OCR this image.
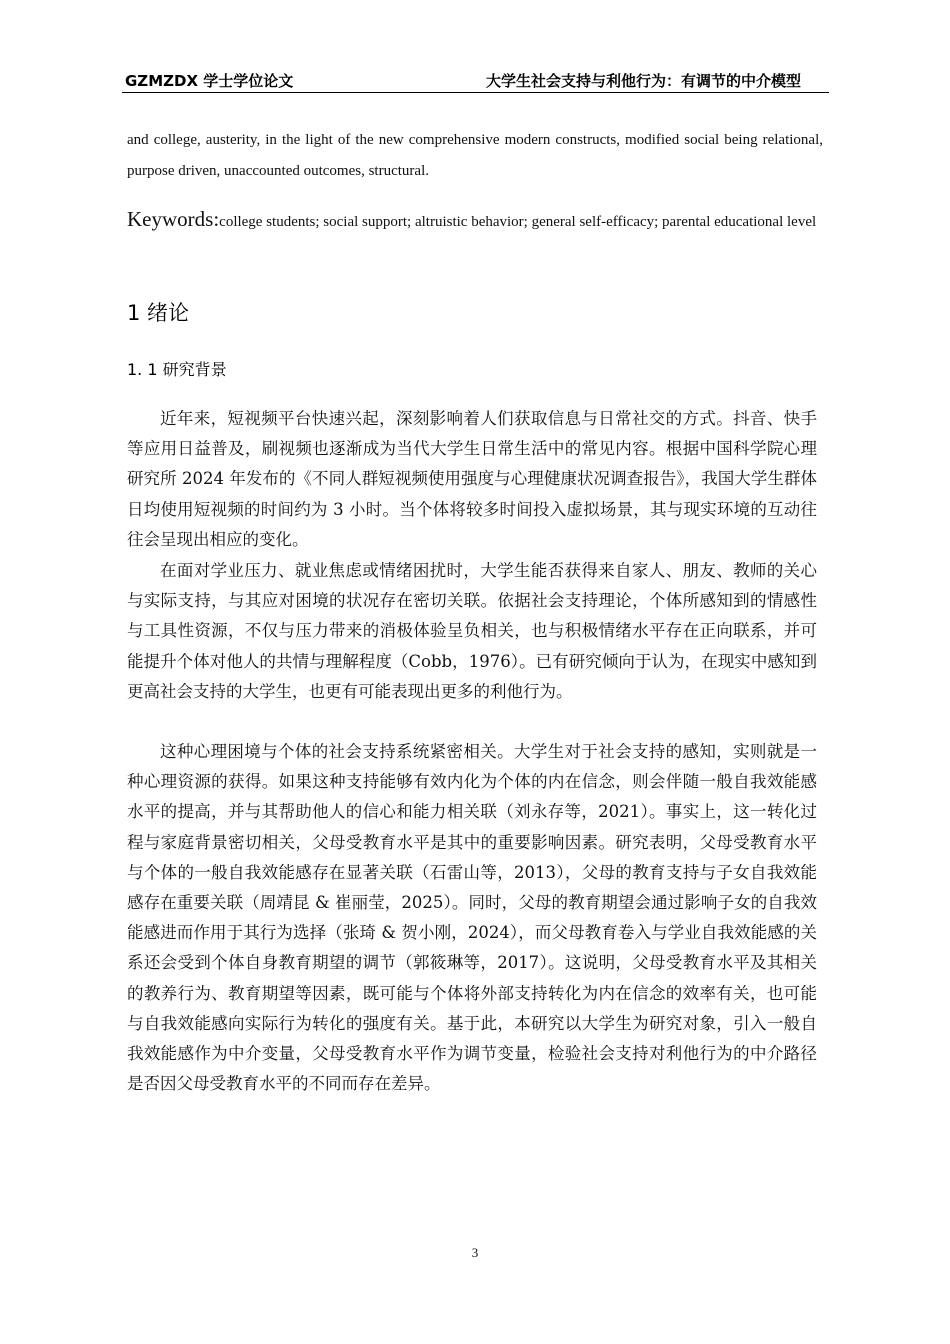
GZMZDX 学士学位论文	大学生社会支持与利他行为：有调节的中介模型
and college, austerity, in the light of the new comprehensive modern constructs, modified social being relational, purpose driven, unaccounted outcomes, structural.
Keywords:college students; social support; altruistic behavior; general self-efficacy; parental educational level
1 绪论
1. 1 研究背景
近年来，短视频平台快速兴起，深刻影响着人们获取信息与日常社交的方式。抖音、快手等应用日益普及，刷视频也逐渐成为当代大学生日常生活中的常见内容。根据中国科学院心理研究所 2024 年发布的《不同人群短视频使用强度与心理健康状况调查报告》，我国大学生群体日均使用短视频的时间约为 3 小时。当个体将较多时间投入虚拟场景，其与现实环境的互动往往会呈现出相应的变化。
在面对学业压力、就业焦虑或情绪困扰时，大学生能否获得来自家人、朋友、教师的关心与实际支持，与其应对困境的状况存在密切关联。依据社会支持理论，个体所感知到的情感性与工具性资源，不仅与压力带来的消极体验呈负相关，也与积极情绪水平存在正向联系，并可能提升个体对他人的共情与理解程度（Cobb，1976）。已有研究倾向于认为，在现实中感知到更高社会支持的大学生，也更有可能表现出更多的利他行为。
这种心理困境与个体的社会支持系统紧密相关。大学生对于社会支持的感知，实则就是一种心理资源的获得。如果这种支持能够有效内化为个体的内在信念，则会伴随一般自我效能感水平的提高，并与其帮助他人的信心和能力相关联（刘永存等，2021）。事实上，这一转化过程与家庭背景密切相关，父母受教育水平是其中的重要影响因素。研究表明，父母受教育水平与个体的一般自我效能感存在显著关联（石雷山等，2013），父母的教育支持与子女自我效能感存在重要关联（周靖昆 & 崔丽莹，2025）。同时，父母的教育期望会通过影响子女的自我效能感进而作用于其行为选择（张琦 & 贺小刚，2024），而父母教育卷入与学业自我效能感的关系还会受到个体自身教育期望的调节（郭筱琳等，2017）。这说明，父母受教育水平及其相关的教养行为、教育期望等因素，既可能与个体将外部支持转化为内在信念的效率有关，也可能与自我效能感向实际行为转化的强度有关。基于此，本研究以大学生为研究对象，引入一般自我效能感作为中介变量，父母受教育水平作为调节变量，检验社会支持对利他行为的中介路径是否因父母受教育水平的不同而存在差异。
3
